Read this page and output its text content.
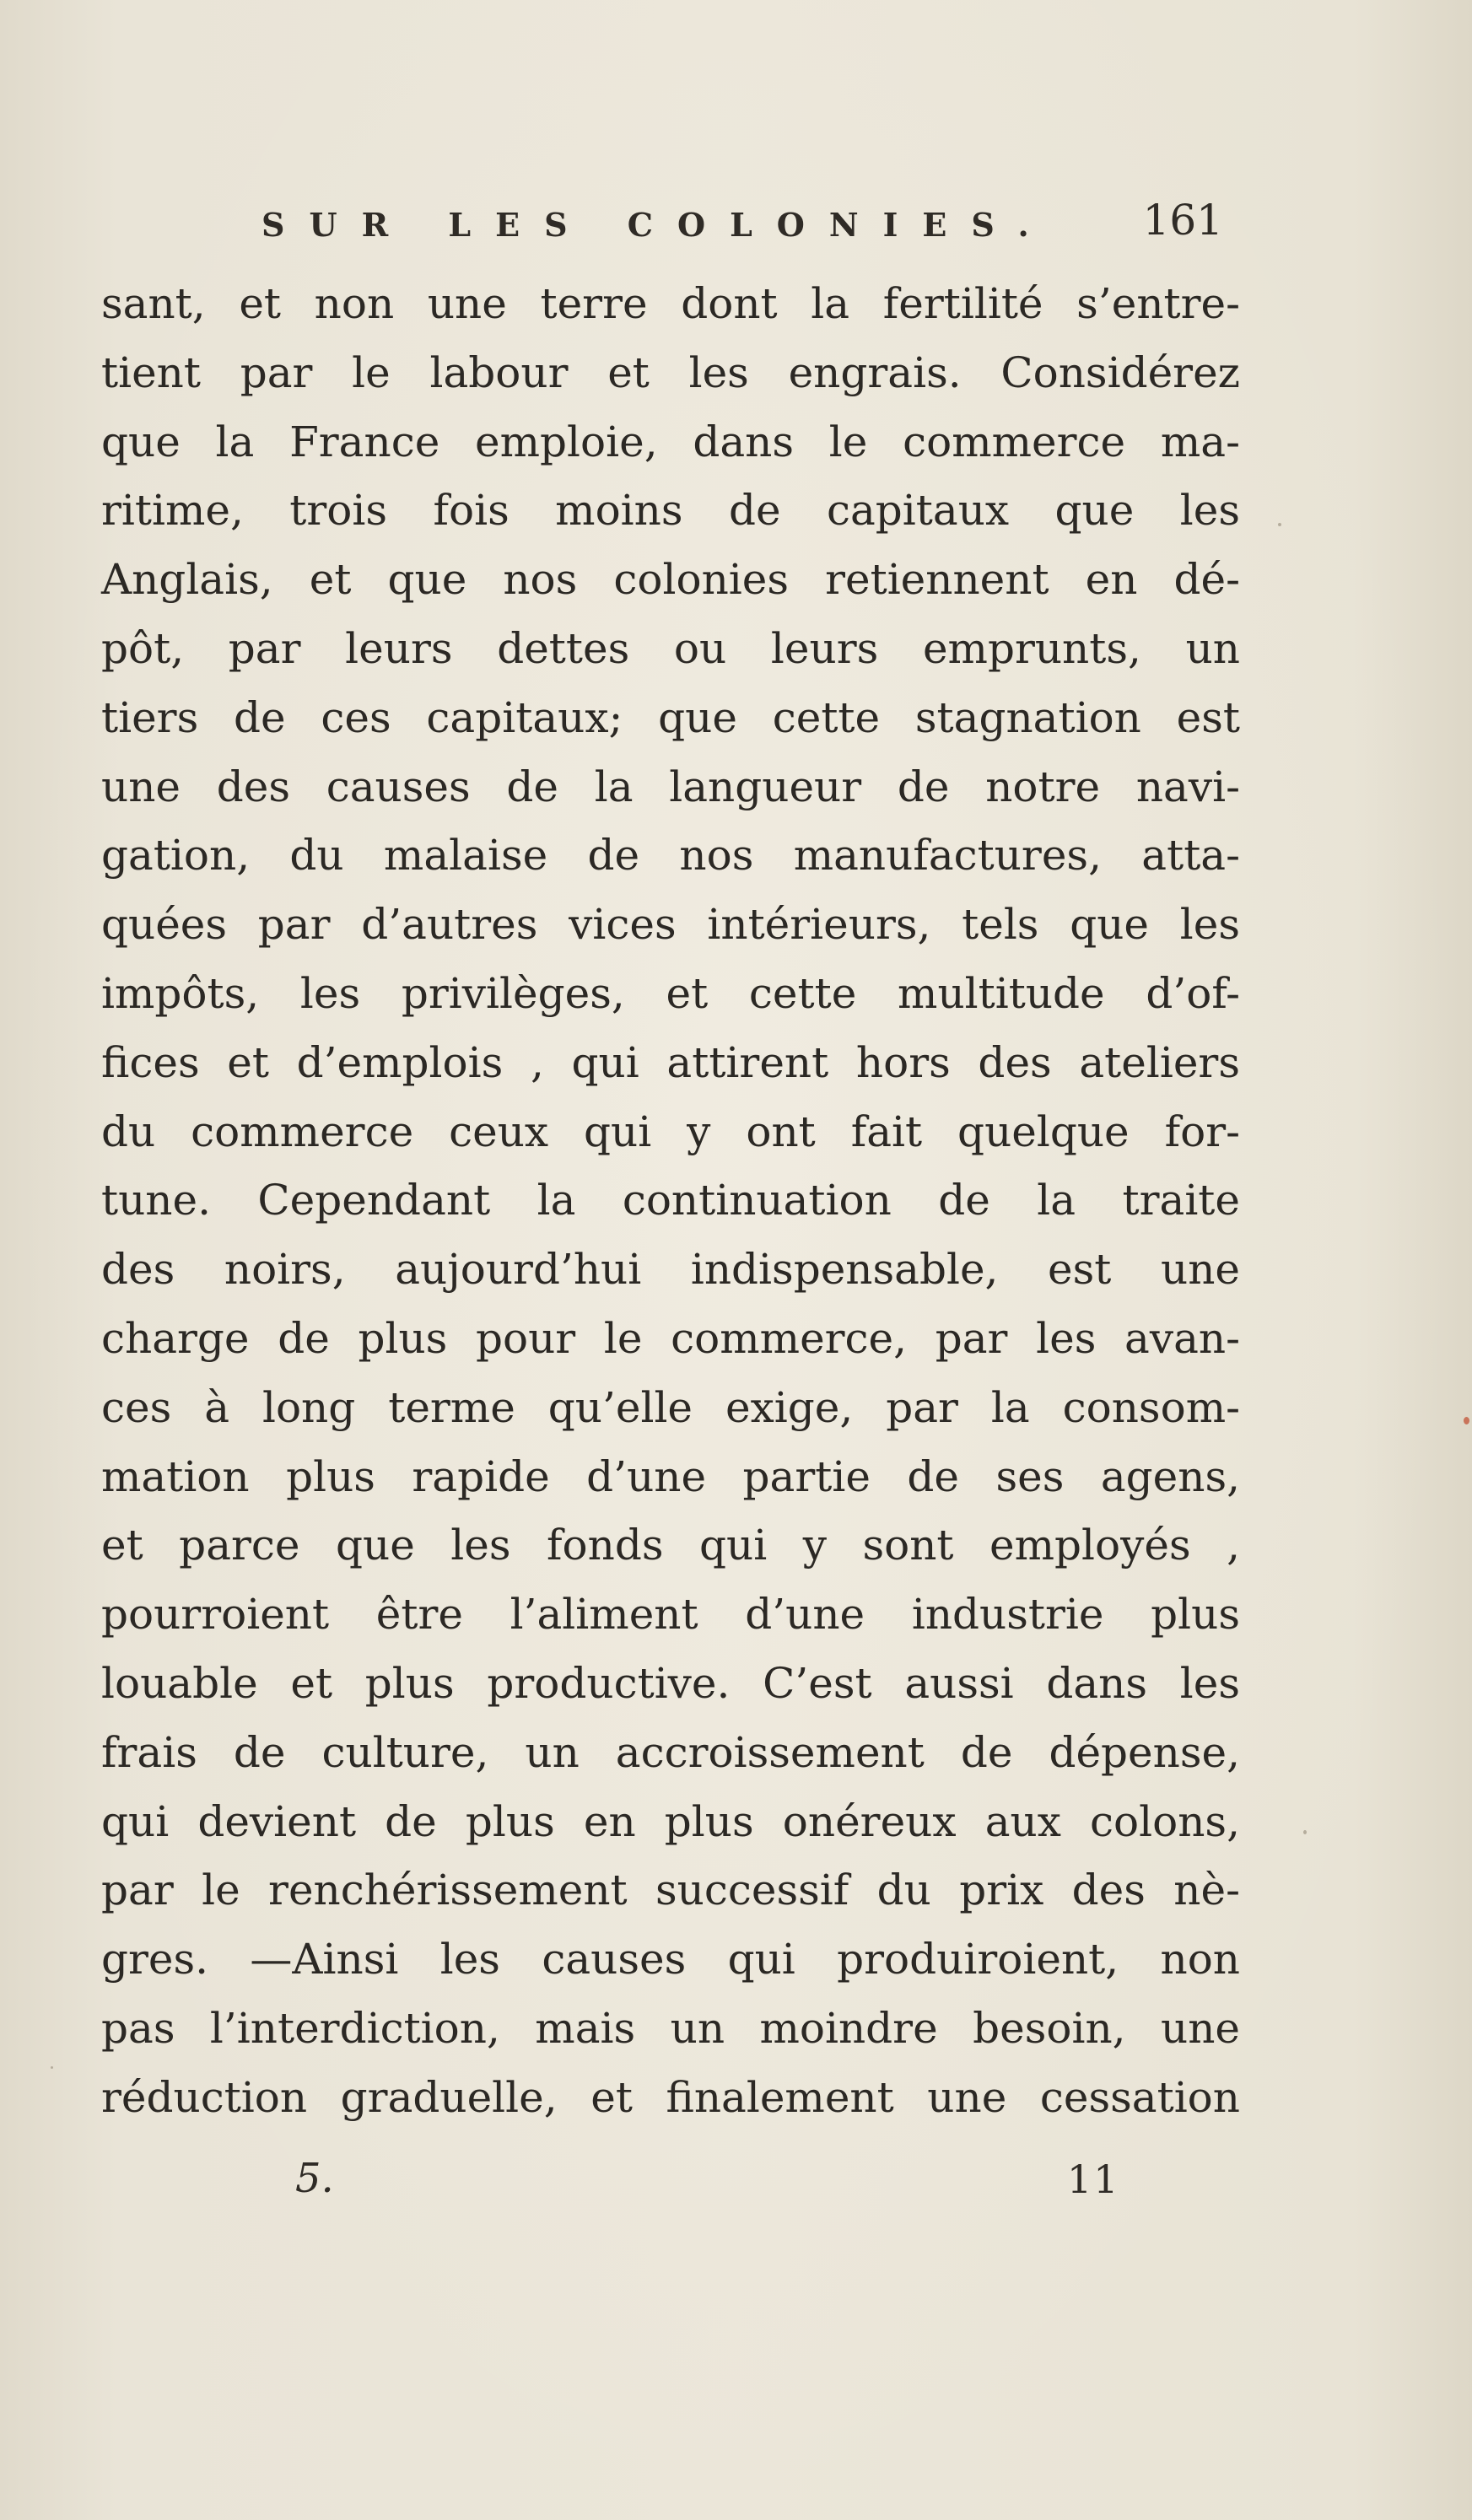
SUR LES COLONIES. 161
sant, et non une terre dont la fertilité s’entre-
tient par le labour et les engrais. Considérez
que la France emploie, dans le commerce ma-
ritime, trois fois moins de capitaux que les
Anglais, et que nos colonies retiennent en dé-
pôt, par leurs dettes ou leurs emprunts, un
tiers de ces capitaux; que cette stagnation est
une des causes de la langueur de notre navi-
gation, du malaise de nos manufactures, atta-
quées par d’autres vices intérieurs, tels que les
impôts, les privilèges, et cette multitude d’of-
fices et d’emplois , qui attirent hors des ateliers
du commerce ceux qui y ont fait quelque for-
tune. Cependant la continuation de la traite
des noirs, aujourd’hui indispensable, est une
charge de plus pour le commerce, par les avan-
ces à long terme qu’elle exige, par la consom-
mation plus rapide d’une partie de ses agens,
et parce que les fonds qui y sont employés ,
pourroient être l’aliment d’une industrie plus
louable et plus productive. C’est aussi dans les
frais de culture, un accroissement de dépense,
qui devient de plus en plus onéreux aux colons,
par le renchérissement successif du prix des nè-
gres. —Ainsi les causes qui produiroient, non
pas l’interdiction, mais un moindre besoin, une
réduction graduelle, et finalement une cessation
5.	11
